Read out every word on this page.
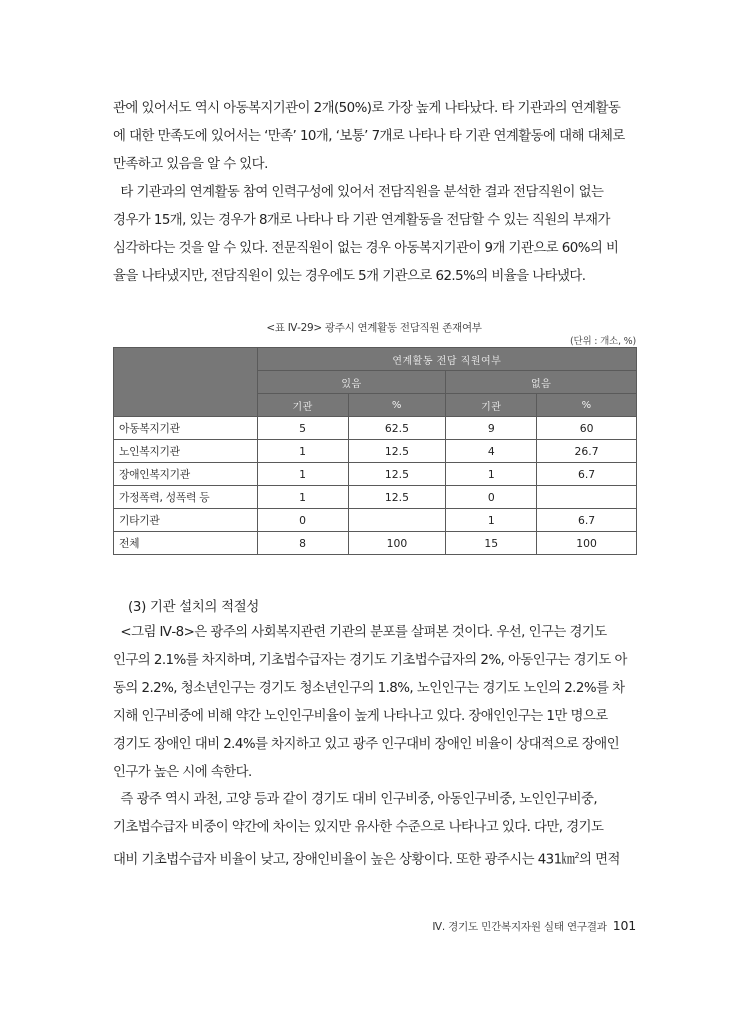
관에 있어서도 역시 아동복지기관이 2개(50%)로 가장 높게 나타났다. 타 기관과의 연계활동
에 대한 만족도에 있어서는 ‘만족’ 10개, ‘보통’ 7개로 나타나 타 기관 연계활동에 대해 대체로
만족하고 있음을 알 수 있다.
타 기관과의 연계활동 참여 인력구성에 있어서 전담직원을 분석한 결과 전담직원이 없는
경우가 15개, 있는 경우가 8개로 나타나 타 기관 연계활동을 전담할 수 있는 직원의 부재가
심각하다는 것을 알 수 있다. 전문직원이 없는 경우 아동복지기관이 9개 기관으로 60%의 비
율을 나타냈지만, 전담직원이 있는 경우에도 5개 기관으로 62.5%의 비율을 나타냈다.
<표 Ⅳ-29> 광주시 연계활동 전담직원 존재여부
(단위 : 개소, %)
	연계활동 전담 직원여부			
	있음		없음	
	기관	%	기관	%
아동복지기관	5	62.5	9	60
노인복지기관	1	12.5	4	26.7
장애인복지기관	1	12.5	1	6.7
가정폭력, 성폭력 등	1	12.5	0	
기타기관	0		1	6.7
전체	8	100	15	100
(3) 기관 설치의 적절성
<그림 Ⅳ-8>은 광주의 사회복지관련 기관의 분포를 살펴본 것이다. 우선, 인구는 경기도
인구의 2.1%를 차지하며, 기초법수급자는 경기도 기초법수급자의 2%, 아동인구는 경기도 아
동의 2.2%, 청소년인구는 경기도 청소년인구의 1.8%, 노인인구는 경기도 노인의 2.2%를 차
지해 인구비중에 비해 약간 노인인구비율이 높게 나타나고 있다. 장애인인구는 1만 명으로
경기도 장애인 대비 2.4%를 차지하고 있고 광주 인구대비 장애인 비율이 상대적으로 장애인
인구가 높은 시에 속한다.
즉 광주 역시 과천, 고양 등과 같이 경기도 대비 인구비중, 아동인구비중, 노인인구비중,
기초법수급자 비중이 약간에 차이는 있지만 유사한 수준으로 나타나고 있다. 다만, 경기도
대비 기초법수급자 비율이 낮고, 장애인비율이 높은 상황이다. 또한 광주시는 431㎞$^2$의 면적
Ⅳ. 경기도 민간복지자원 실태 연구결과 101
